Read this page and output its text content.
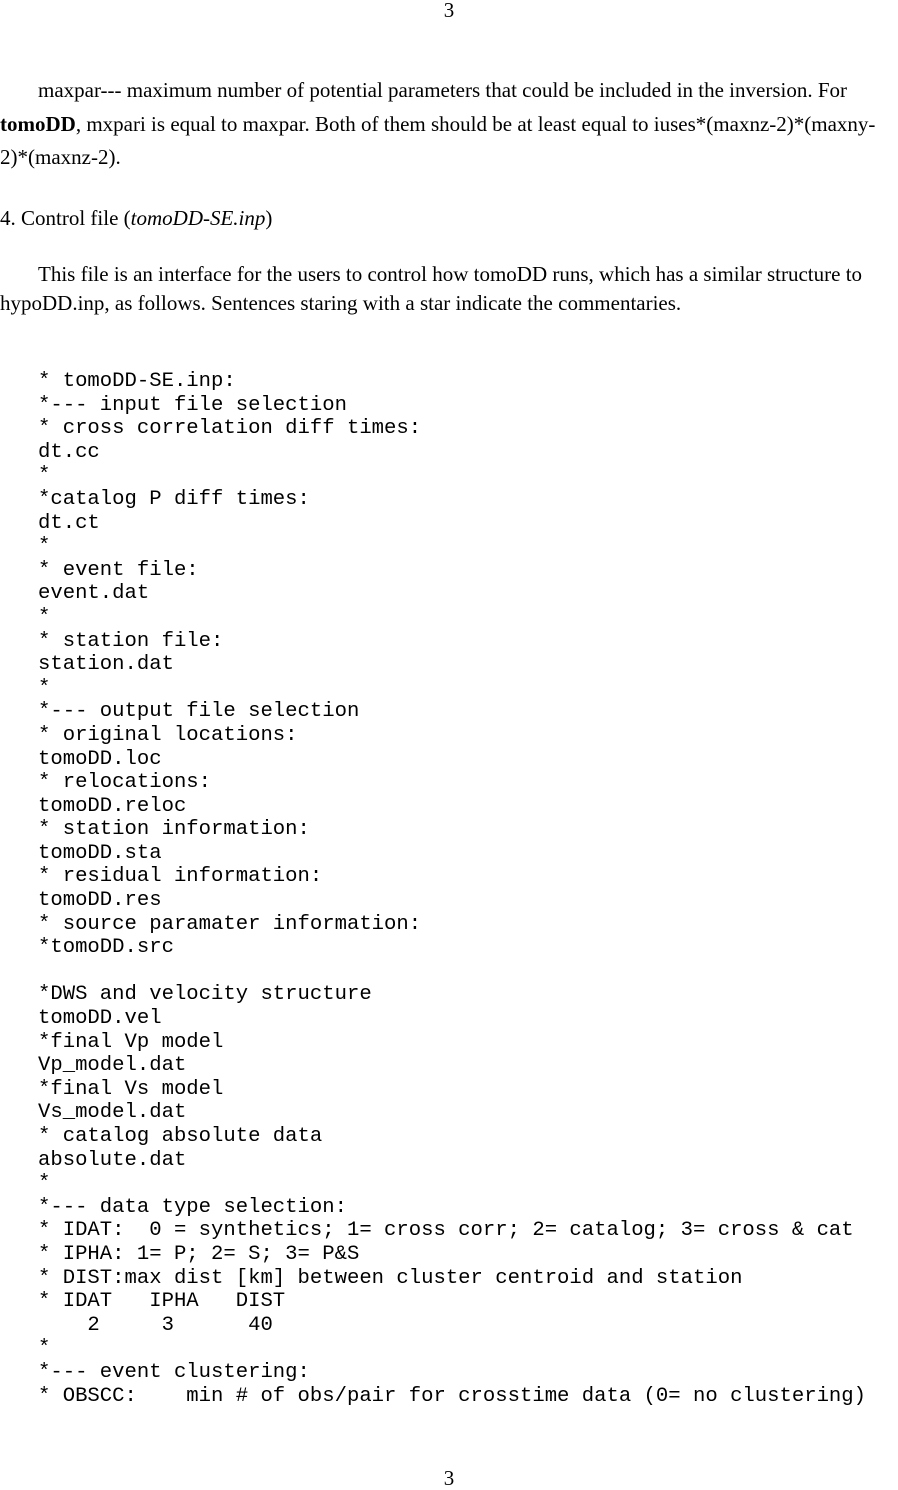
3

maxpar--- maximum number of potential parameters that could be included in the inversion. For tomoDD, mxpari is equal to maxpar. Both of them should be at least equal to iuses*(maxnz-2)*(maxny-2)*(maxnz-2).

4. Control file (tomoDD-SE.inp)

This file is an interface for the users to control how tomoDD runs, which has a similar structure to hypoDD.inp, as follows. Sentences staring with a star indicate the commentaries.

* tomoDD-SE.inp:
*--- input file selection
* cross correlation diff times:
dt.cc
*
*catalog P diff times:
dt.ct
*
* event file:
event.dat
*
* station file:
station.dat
*
*--- output file selection
* original locations:
tomoDD.loc
* relocations:
tomoDD.reloc
* station information:
tomoDD.sta
* residual information:
tomoDD.res
* source paramater information:
*tomoDD.src
*DWS and velocity structure
tomoDD.vel
*final Vp model
Vp_model.dat
*final Vs model
Vs_model.dat
* catalog absolute data
absolute.dat
*
*--- data type selection:
* IDAT:  0 = synthetics; 1= cross corr; 2= catalog; 3= cross & cat
* IPHA: 1= P; 2= S; 3= P&S
* DIST:max dist [km] between cluster centroid and station
* IDAT   IPHA   DIST
2     3      40
*
*--- event clustering:
* OBSCC:    min # of obs/pair for crosstime data (0= no clustering)
3
